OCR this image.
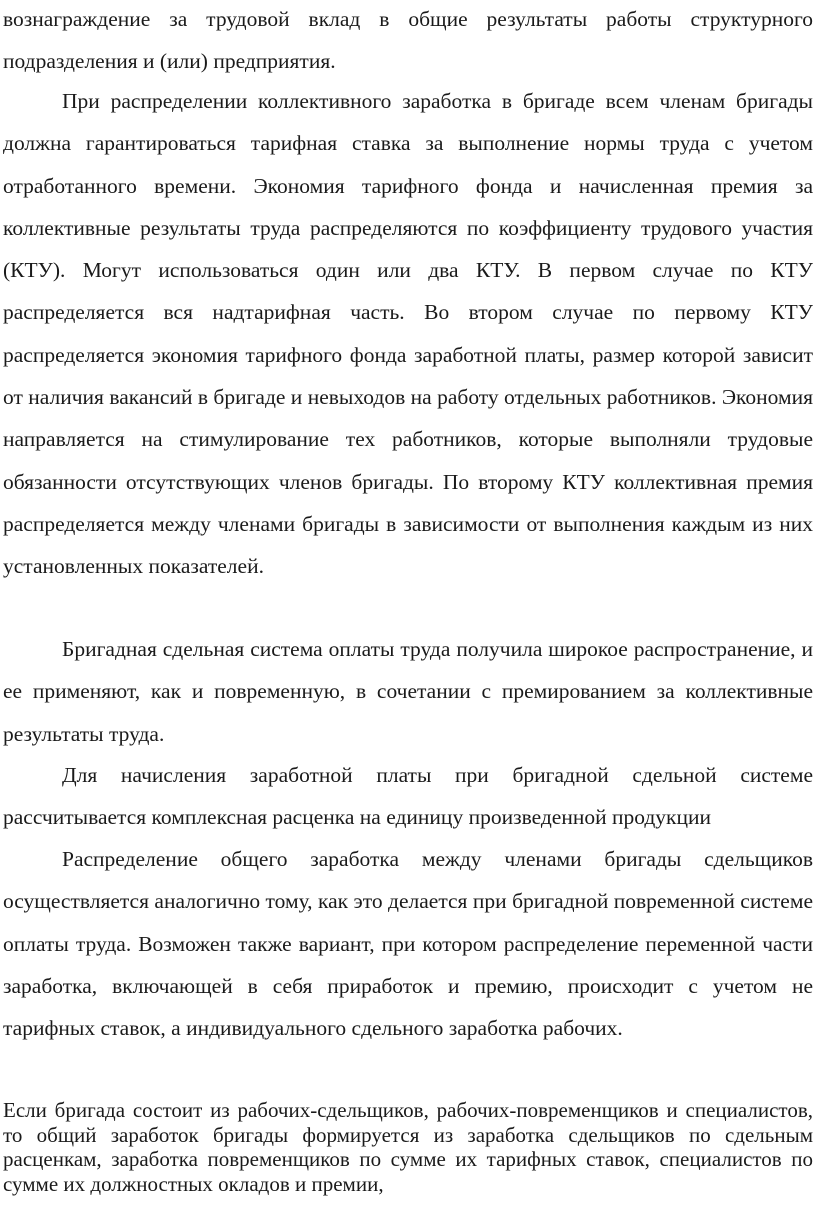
вознаграждение за трудовой вклад в общие результаты работы структурного подразделения и (или) предприятия.

При распределении коллективного заработка в бригаде всем членам бригады должна гарантироваться тарифная ставка за выполнение нормы труда с учетом отработанного времени. Экономия тарифного фонда и начисленная премия за коллективные результаты труда распределяются по коэффициенту трудового участия (КТУ). Могут использоваться один или два КТУ. В первом случае по КТУ распределяется вся надтарифная часть. Во втором случае по первому КТУ распределяется экономия тарифного фонда заработной платы, размер которой зависит от наличия вакансий в бригаде и невыходов на работу отдельных работников. Экономия направляется на стимулирование тех работников, которые выполняли трудовые обязанности отсутствующих членов бригады. По второму КТУ коллективная премия распределяется между членами бригады в зависимости от выполнения каждым из них установленных показателей.

Бригадная сдельная система оплаты труда получила широкое распространение, и ее применяют, как и повременную, в сочетании с премированием за коллективные результаты труда.

Для начисления заработной платы при бригадной сдельной системе рассчитывается комплексная расценка на единицу произведенной продукции

Распределение общего заработка между членами бригады сдельщиков осуществляется аналогично тому, как это делается при бригадной повременной системе оплаты труда. Возможен также вариант, при котором распределение переменной части заработка, включающей в себя приработок и премию, происходит с учетом не тарифных ставок, а индивидуального сдельного заработка рабочих.

Если бригада состоит из рабочих-сдельщиков, рабочих-повременщиков и специалистов, то общий заработок бригады формируется из заработка сдельщиков по сдельным расценкам, заработка повременщиков по сумме их тарифных ставок, специалистов по сумме их должностных окладов и премии,
